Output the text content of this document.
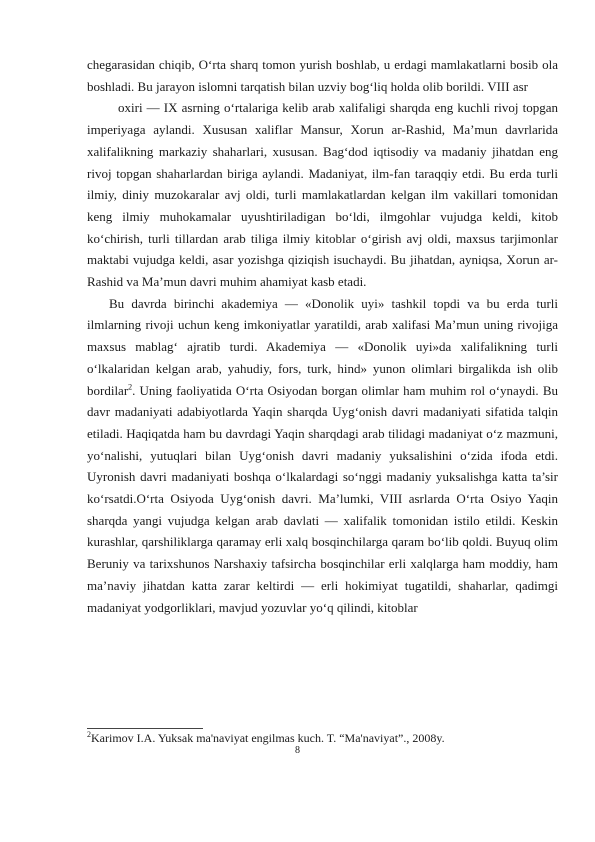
chegarasidan chiqib, O‘rta sharq tomon yurish boshlab, u erdagi mamlakatlarni bosib ola boshladi. Bu jarayon islomni tarqatish bilan uzviy bog‘liq holda olib borildi. VIII asr

oxiri — IX asrning o‘rtalariga kelib arab xalifaligi sharqda eng kuchli rivoj topgan imperiyaga aylandi. Xususan xaliflar Mansur, Xorun ar-Rashid, Ma’mun davrlarida xalifalikning markaziy shaharlari, xususan. Bag‘dod iqtisodiy va madaniy jihatdan eng rivoj topgan shaharlardan biriga aylandi. Madaniyat, ilm-fan taraqqiy etdi. Bu erda turli ilmiy, diniy muzokaralar avj oldi, turli mamlakatlardan kelgan ilm vakillari tomonidan keng ilmiy muhokamalar uyushtiriladigan bo‘ldi, ilmgohlar vujudga keldi, kitob ko‘chirish, turli tillardan arab tiliga ilmiy kitoblar o‘girish avj oldi, maxsus tarjimonlar maktabi vujudga keldi, asar yozishga qiziqish isuchaydi. Bu jihatdan, ayniqsa, Xorun ar-Rashid va Ma’mun davri muhim ahamiyat kasb etadi.

Bu davrda birinchi akademiya — «Donolik uyi» tashkil topdi va bu erda turli ilmlarning rivoji uchun keng imkoniyatlar yaratildi, arab xalifasi Ma’mun uning rivojiga maxsus mablag‘ ajratib turdi. Akademiya — «Donolik uyi»da xalifalikning turli o‘lkalaridan kelgan arab, yahudiy, fors, turk, hind» yunon olimlari birgalikda ish olib bordilar$^2$. Uning faoliyatida O‘rta Osiyodan borgan olimlar ham muhim rol o‘ynaydi. Bu davr madaniyati adabiyotlarda Yaqin sharqda Uyg‘onish davri madaniyati sifatida talqin etiladi. Haqiqatda ham bu davrdagi Yaqin sharqdagi arab tilidagi madaniyat o‘z mazmuni, yo‘nalishi, yutuqlari bilan Uyg‘onish davri madaniy yuksalishini o‘zida ifoda etdi. Uyronish davri madaniyati boshqa o‘lkalardagi so‘nggi madaniy yuksalishga katta ta’sir ko‘rsatdi.O‘rta Osiyoda Uyg‘onish davri. Ma’lumki, VIII asrlarda O‘rta Osiyo Yaqin sharqda yangi vujudga kelgan arab davlati — xalifalik tomonidan istilo etildi. Keskin kurashlar, qarshiliklarga qaramay erli xalq bosqinchilarga qaram bo‘lib qoldi. Buyuq olim Beruniy va tarixshunos Narshaxiy tafsircha bosqinchilar erli xalqlarga ham moddiy, ham ma’naviy jihatdan katta zarar keltirdi — erli hokimiyat tugatildi, shaharlar, qadimgi madaniyat yodgorliklari, mavjud yozuvlar yo‘q qilindi, kitoblar

$^2$Karimov I.A. Yuksak ma'naviyat engilmas kuch. T. “Ma'naviyat”., 2008y.
8
